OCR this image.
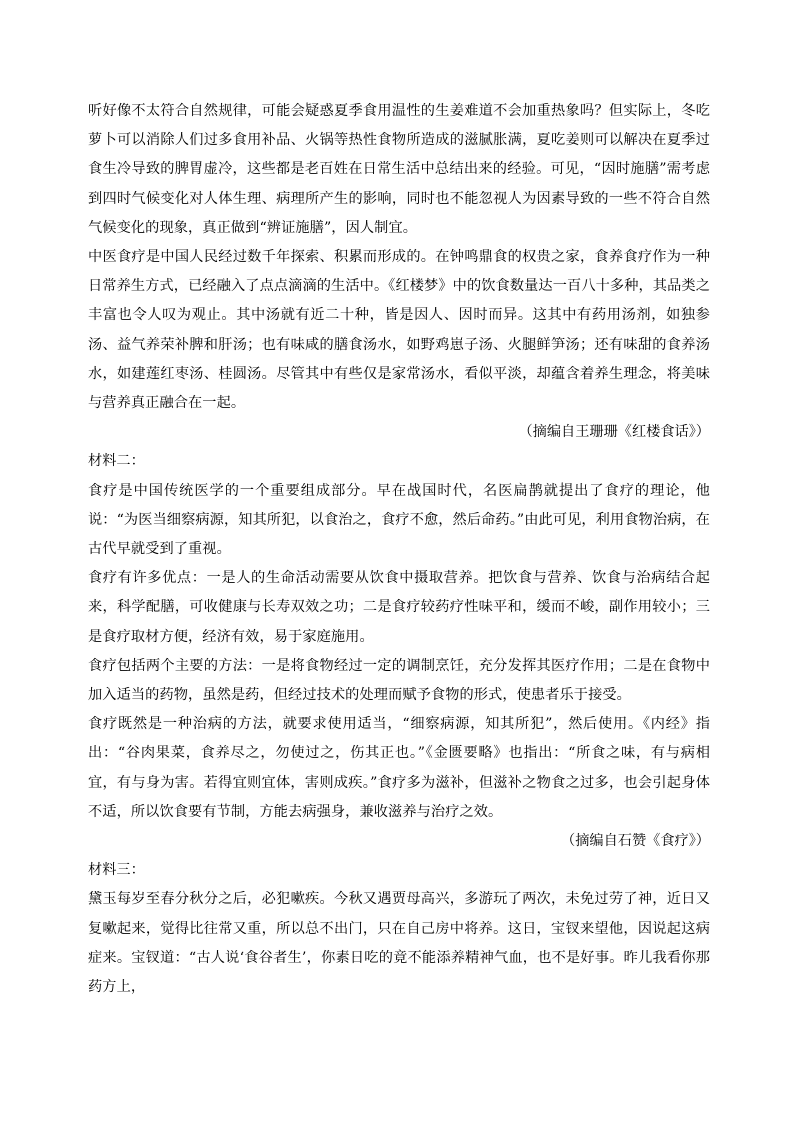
听好像不太符合自然规律，可能会疑惑夏季食用温性的生姜难道不会加重热象吗？但实际上，冬吃萝卜可以消除人们过多食用补品、火锅等热性食物所造成的滋腻胀满，夏吃姜则可以解决在夏季过食生冷导致的脾胃虚冷，这些都是老百姓在日常生活中总结出来的经验。可见，“因时施膳”需考虑到四时气候变化对人体生理、病理所产生的影响，同时也不能忽视人为因素导致的一些不符合自然气候变化的现象，真正做到“辨证施膳”，因人制宜。

中医食疗是中国人民经过数千年探索、积累而形成的。在钟鸣鼎食的权贵之家，食养食疗作为一种日常养生方式，已经融入了点点滴滴的生活中。《红楼梦》中的饮食数量达一百八十多种，其品类之丰富也令人叹为观止。其中汤就有近二十种，皆是因人、因时而异。这其中有药用汤剂，如独参汤、益气养荣补脾和肝汤；也有味咸的膳食汤水，如野鸡崽子汤、火腿鲜笋汤；还有味甜的食养汤水，如建莲红枣汤、桂圆汤。尽管其中有些仅是家常汤水，看似平淡，却蕴含着养生理念，将美味与营养真正融合在一起。

（摘编自王珊珊《红楼食话》）

材料二：

食疗是中国传统医学的一个重要组成部分。早在战国时代，名医扁鹊就提出了食疗的理论，他说：“为医当细察病源，知其所犯，以食治之，食疗不愈，然后命药。”由此可见，利用食物治病，在古代早就受到了重视。

食疗有许多优点：一是人的生命活动需要从饮食中摄取营养。把饮食与营养、饮食与治病结合起来，科学配膳，可收健康与长寿双效之功；二是食疗较药疗性味平和，缓而不峻，副作用较小；三是食疗取材方便，经济有效，易于家庭施用。

食疗包括两个主要的方法：一是将食物经过一定的调制烹饪，充分发挥其医疗作用；二是在食物中加入适当的药物，虽然是药，但经过技术的处理而赋予食物的形式，使患者乐于接受。

食疗既然是一种治病的方法，就要求使用适当，“细察病源，知其所犯”，然后使用。《内经》指出：“谷肉果菜，食养尽之，勿使过之，伤其正也。”《金匮要略》也指出：“所食之味，有与病相宜，有与身为害。若得宜则宜体，害则成疾。”食疗多为滋补，但滋补之物食之过多，也会引起身体不适，所以饮食要有节制，方能去病强身，兼收滋养与治疗之效。

（摘编自石赞《食疗》）

材料三：

黛玉每岁至春分秋分之后，必犯嗽疾。今秋又遇贾母高兴，多游玩了两次，未免过劳了神，近日又复嗽起来，觉得比往常又重，所以总不出门，只在自己房中将养。这日，宝钗来望他，因说起这病症来。宝钗道：“古人说‘食谷者生’，你素日吃的竟不能添养精神气血，也不是好事。昨儿我看你那药方上，
